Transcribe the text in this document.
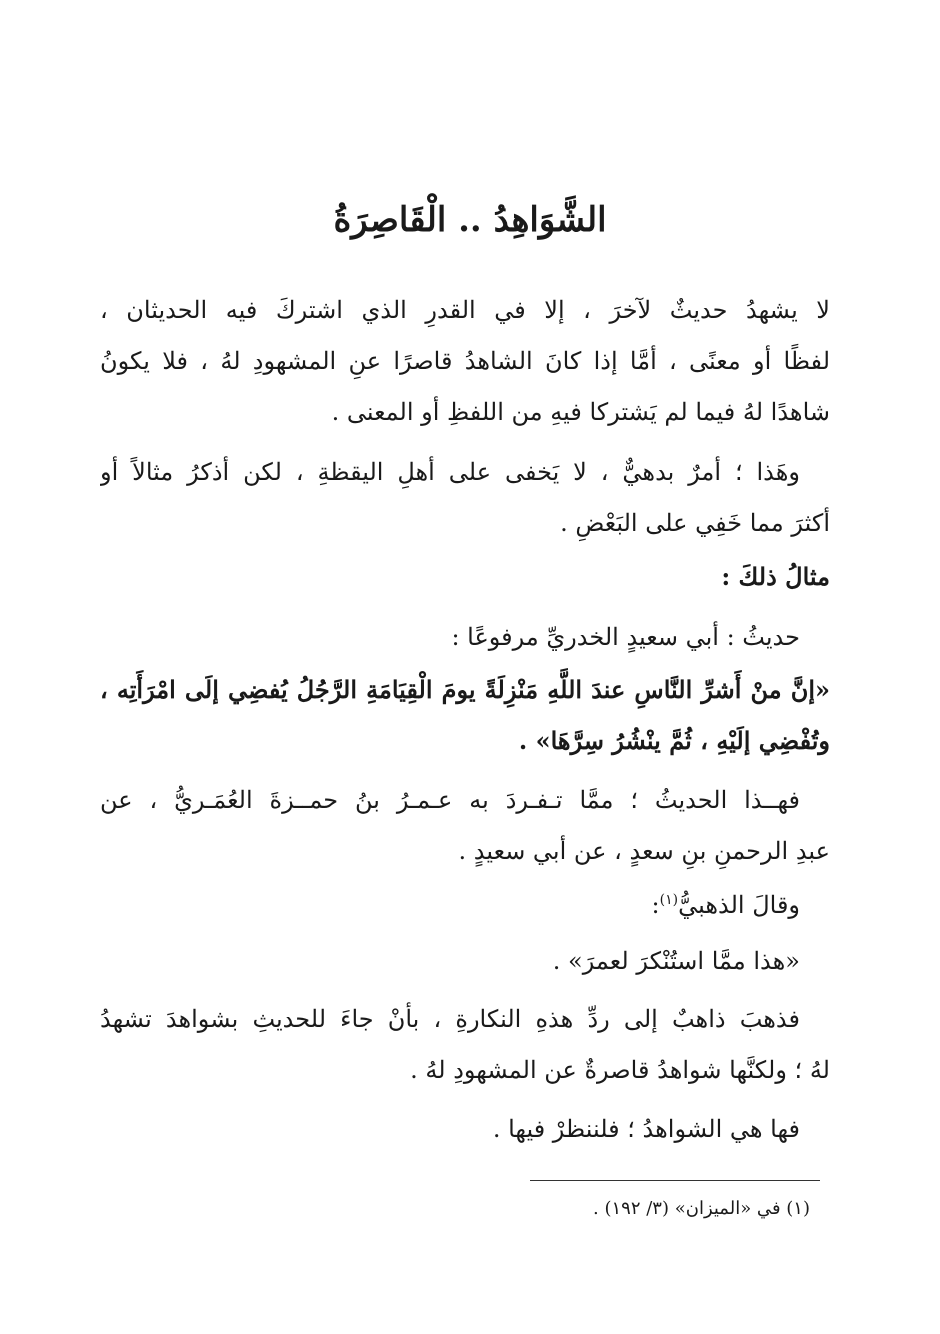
الشَّوَاهِدُ .. الْقَاصِرَةُ
لا يشهدُ حديثٌ لآخرَ ، إلا في القدرِ الذي اشتركَ فيه الحديثان ،
لفظًا أو معنًى ، أمَّا إذا كانَ الشاهدُ قاصرًا عنِ المشهودِ لهُ ، فلا يكونُ
شاهدًا لهُ فيما لم يَشتركا فيهِ من اللفظِ أو المعنى .
وهَذا ؛ أمرٌ بدهيٌّ ، لا يَخفى على أهلِ اليقظةِ ، لكن أذكرُ مثالاً أو
أكثرَ مما خَفِي على البَعْضِ .
مثالُ ذلكَ :
حديثُ : أبي سعيدٍ الخدريِّ مرفوعًا :
«إنَّ منْ أَشرِّ النَّاسِ عندَ اللَّهِ مَنْزِلَةً يومَ الْقِيَامَةِ الرَّجُلُ يُفضِي إلَى امْرَأَتِه ،
وتُفْضِي إلَيْهِ ، ثُمَّ ينْشُرُ سِرَّهَا» .
فهــذا الحديثُ ؛ ممَّا تـفـردَ به عـمـرُ بنُ حمــزةَ العُمَـريُّ ، عن
عبدِ الرحمنِ بنِ سعدٍ ، عن أبي سعيدٍ .
وقالَ الذهبيُّ$^{(١)}$:
«هذا ممَّا استُنْكرَ لعمرَ» .
فذهبَ ذاهبٌ إلى ردِّ هذهِ النكارةِ ، بأنْ جاءَ للحديثِ بشواهدَ تشهدُ
لهُ ؛ ولكنَّها شواهدُ قاصرةٌ عن المشهودِ لهُ .
فها هي الشواهدُ ؛ فلننظرْ فيها .
(١) في «الميزان» (٣/ ١٩٢) .
